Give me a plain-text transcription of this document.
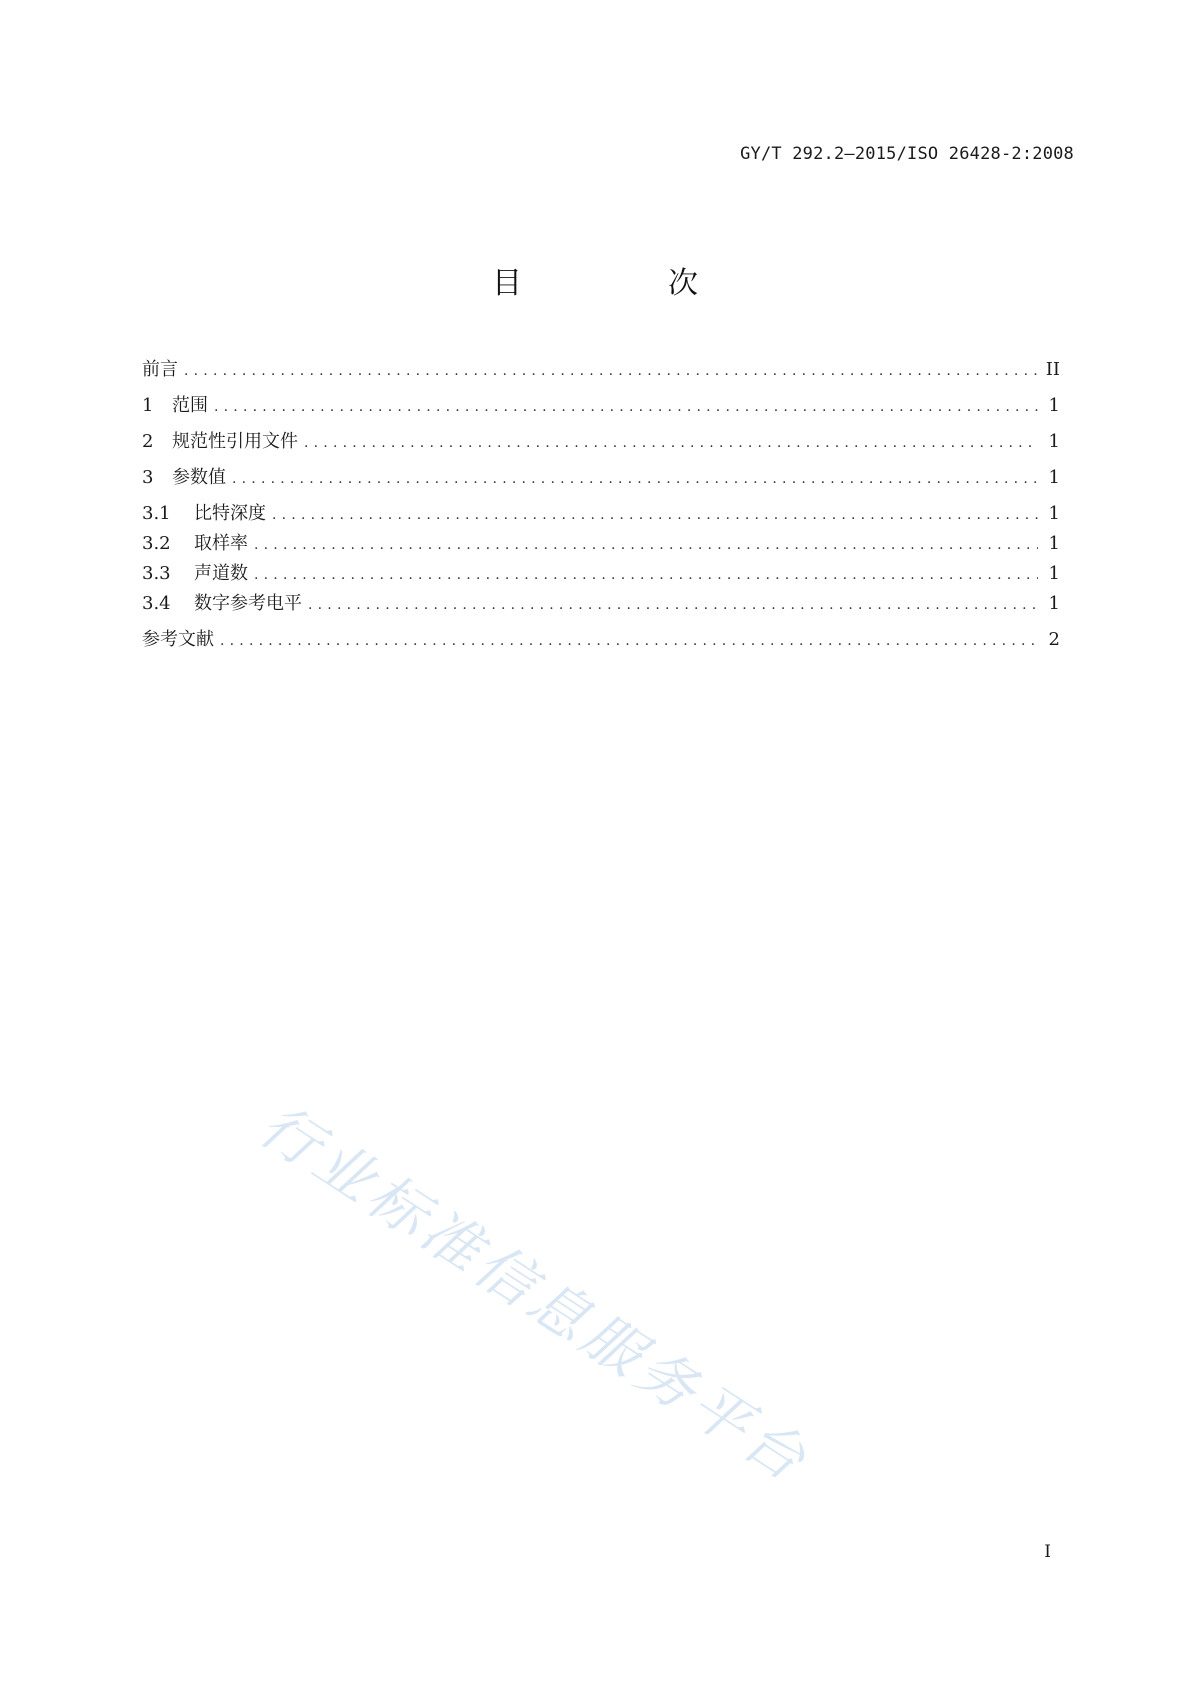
GY/T 292.2—2015/ISO 26428-2:2008
目　次
前言 .....	II
1	范围 .....	1
2	规范性引用文件 .....	1
3	参数值 .....	1
3.1	比特深度 .....	1
3.2	取样率 .....	1
3.3	声道数 .....	1
3.4	数字参考电平 .....	1
参考文献 .....	2
行业标准信息服务平台
I
